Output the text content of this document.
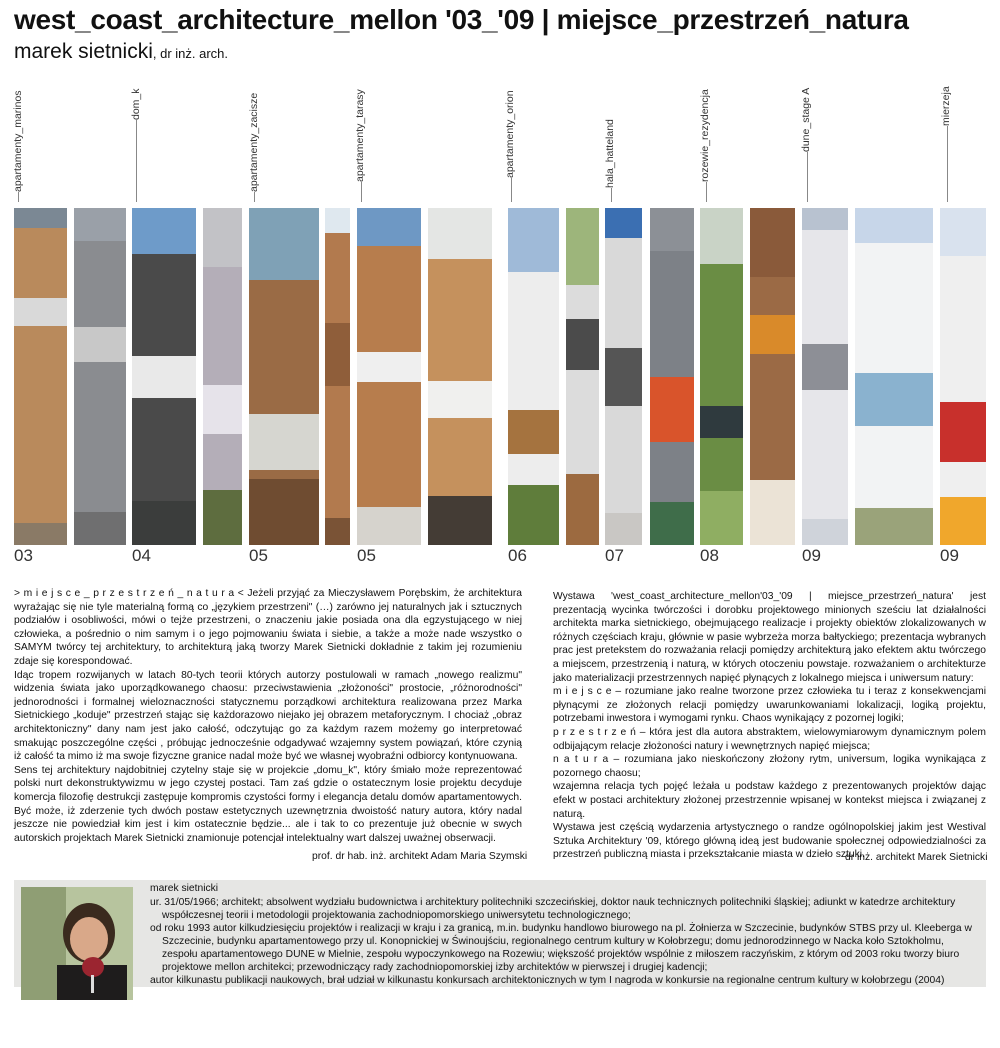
west_coast_architecture_mellon '03_'09 | miejsce_przestrzeń_natura
marek sietnicki, dr inż. arch.
apartamenty_marinos	dom_k	apartamenty_zacisze	apartamenty_tarasy	apartamenty_orion	hala_hatteland	rozewie_rezydencja	dune_stage A	mierzeja
03	04	05	05	06	07	08	09	09

> m i e j s c e _ p r z e s t r z e ń _ n a t u r a < Jeżeli przyjąć za Mieczysławem Porębskim, że architektura wyrażając się nie tyle materialną formą co „językiem przestrzeni" (…) zarówno jej naturalnych jak i sztucznych podziałów i osobliwości, mówi o tejże przestrzeni, o znaczeniu jakie posiada ona dla egzystującego w niej człowieka, a pośrednio o nim samym i o jego pojmowaniu świata i siebie, a także a może nade wszystko o SAMYM twórcy tej architektury, to architekturą jaką tworzy Marek Sietnicki dokładnie z takim jej rozumieniu zdaje się korespondować.

Idąc tropem rozwijanych w latach 80-tych teorii których autorzy postulowali w ramach „nowego realizmu" widzenia świata jako uporządkowanego chaosu: przeciwstawienia „złożoności" prostocie, „różnorodności" jednorodności i formalnej wieloznaczności statycznemu porządkowi architektura realizowana przez Marka Sietnickiego „koduje" przestrzeń stając się każdorazowo niejako jej obrazem metaforycznym. I chociaż „obraz architektoniczny" dany nam jest jako całość, odczytując go za każdym razem możemy go interpretować smakując poszczególne części , próbując jednocześnie odgadywać wzajemny system powiązań, które czynią iż całość ta mimo iż ma swoje fizyczne granice nadal może być we własnej wyobraźni odbiorcy kontynuowana.

Sens tej architektury najdobitniej czytelny staje się w projekcie „domu_k", który śmiało może reprezentować polski nurt dekonstruktywizmu w jego czystej postaci. Tam zaś gdzie o ostatecznym losie projektu decyduje komercja filozofię destrukcji zastępuje kompromis czystości formy i elegancja detalu domów apartamentowych. Być może, iż zderzenie tych dwóch postaw estetycznych uzewnętrznia dwoistość natury autora, który nadal jeszcze nie powiedział kim jest i kim ostatecznie będzie... ale i tak to co prezentuje już obecnie w swych autorskich projektach Marek Sietnicki znamionuje potencjał intelektualny wart dalszej uważnej obserwacji.

prof. dr hab. inż. architekt Adam Maria Szymski

Wystawa 'west_coast_architecture_mellon'03_'09 | miejsce_przestrzeń_natura' jest prezentacją wycinka twórczości i dorobku projektowego minionych sześciu lat działalności architekta marka sietnickiego, obejmującego realizacje i projekty obiektów zlokalizowanych w różnych częściach kraju, głównie w pasie wybrzeża morza bałtyckiego; prezentacja wybranych prac jest pretekstem do rozważania relacji pomiędzy architekturą jako efektem aktu twórczego a miejscem, przestrzenią i naturą, w których otoczeniu powstaje. rozważaniem o architekturze jako materializacji przestrzennych napięć płynących z lokalnego miejsca i uniwersum natury:

m i e j s c e – rozumiane jako realne tworzone przez człowieka tu i teraz z konsekwencjami płynącymi ze złożonych relacji pomiędzy uwarunkowaniami lokalizacji, logiką projektu, potrzebami inwestora i wymogami rynku. Chaos wynikający z pozornej logiki;

p r z e s t r z e ń – która jest dla autora abstraktem, wielowymiarowym dynamicznym polem odbijającym relacje złożoności natury i wewnętrznych napięć miejsca;

n a t u r a – rozumiana jako nieskończony złożony rytm, universum, logika wynikająca z pozornego chaosu;

wzajemna relacja tych pojęć leżała u podstaw każdego z prezentowanych projektów dając efekt w postaci architektury złożonej przestrzennie wpisanej w kontekst miejsca i związanej z naturą.

Wystawa jest częścią wydarzenia artystycznego o randze ogólnopolskiej jakim jest Westival Sztuka Architektury '09, którego główną ideą jest budowanie społecznej odpowiedzialności za przestrzeń publiczną miasta i przekształcanie miasta w dzieło sztuki.

dr inż. architekt Marek Sietnicki
marek sietnicki

ur. 31/05/1966; architekt; absolwent wydziału budownictwa i architektury politechniki szczecińskiej, doktor nauk technicznych politechniki śląskiej; adiunkt w katedrze architektury współczesnej teorii i metodologii projektowania zachodniopomorskiego uniwersytetu technologicznego;

od roku 1993 autor kilkudziesięciu projektów i realizacji w kraju i za granicą, m.in. budynku handlowo biurowego na pl. Żołnierza w Szczecinie, budynków STBS przy ul. Kleeberga w Szczecinie, budynku apartamentowego przy ul. Konopnickiej w Świnoujściu, regionalnego centrum kultury w Kołobrzegu; domu jednorodzinnego w Nacka koło Sztokholmu, zespołu apartamentowego DUNE w Mielnie, zespołu wypoczynkowego na Rozewiu; większość projektów wspólnie z miłoszem raczyńskim, z którym od 2003 roku tworzy biuro projektowe mellon architekci; przewodniczący rady zachodniopomorskiej izby architektów w pierwszej i drugiej kadencji;

autor kilkunastu publikacji naukowych, brał udział w kilkunastu konkursach architektonicznych w tym I nagroda w konkursie na regionalne centrum kultury w kołobrzegu (2004)
